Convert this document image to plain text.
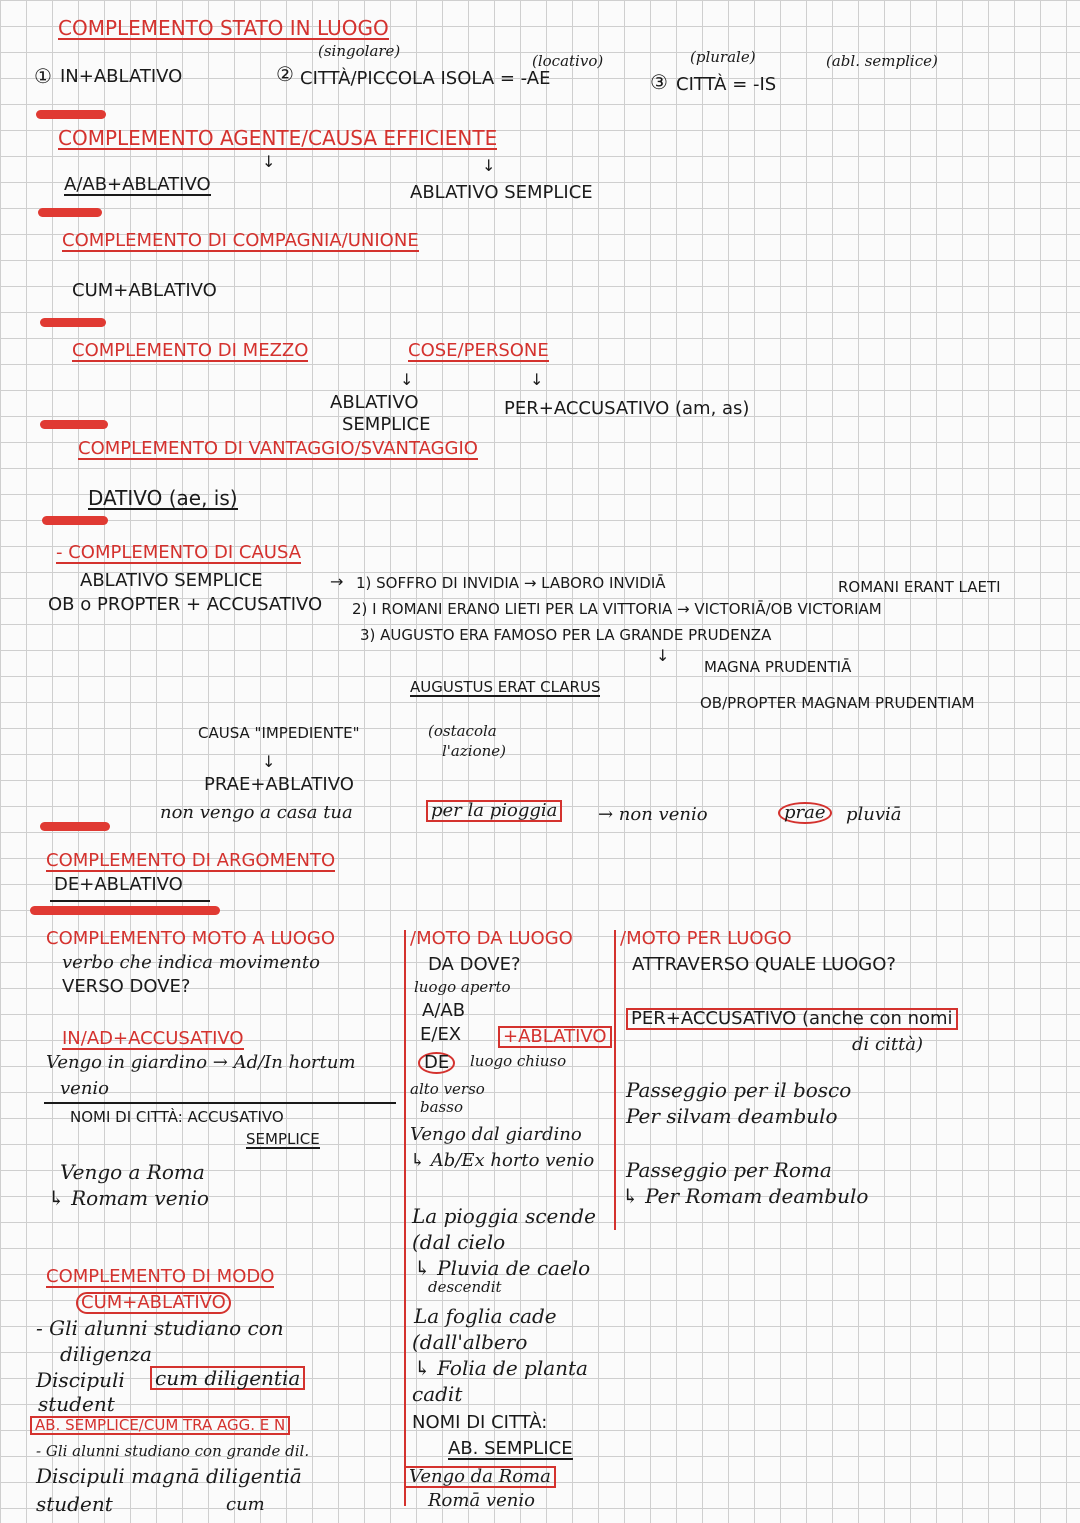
COMPLEMENTO STATO IN LUOGO
① IN+ABLATIVO	②
(singolare)
CITTÀ/PICCOLA ISOLA = -AE
(locativo)
③
(plurale)
CITTÀ = -IS
(abl. semplice)
COMPLEMENTO AGENTE/CAUSA EFFICIENTE
↓	↓
A/AB+ABLATIVO	ABLATIVO SEMPLICE
COMPLEMENTO DI COMPAGNIA/UNIONE
CUM+ABLATIVO
COMPLEMENTO DI MEZZO	COSE/PERSONE
↓	↓
ABLATIVO
SEMPLICE
PER+ACCUSATIVO (am, as)
COMPLEMENTO DI VANTAGGIO/SVANTAGGIO
DATIVO (ae, is)
- COMPLEMENTO DI CAUSA
ABLATIVO SEMPLICE	→
OB o PROPTER + ACCUSATIVO
1) SOFFRO DI INVIDIA → LABORO INVIDIĀ	ROMANI ERANT LAETI
2) I ROMANI ERANO LIETI PER LA VITTORIA → VICTORIĀ/OB VICTORIAM
3) AUGUSTO ERA FAMOSO PER LA GRANDE PRUDENZA
↓
MAGNA PRUDENTIĀ
AUGUSTUS ERAT CLARUS
OB/PROPTER MAGNAM PRUDENTIAM
CAUSA "IMPEDIENTE"	(ostacola
l'azione)
↓
PRAE+ABLATIVO
non vengo a casa tua	per la pioggia → non venio	prae	pluviā
COMPLEMENTO DI ARGOMENTO
DE+ABLATIVO
COMPLEMENTO MOTO A LUOGO
verbo che indica movimento
VERSO DOVE?
IN/AD+ACCUSATIVO
Vengo in giardino → Ad/In hortum
venio
NOMI DI CITTÀ: ACCUSATIVO
SEMPLICE
Vengo a Roma
↳ Romam venio
/MOTO DA LUOGO
DA DOVE?
luogo aperto
A/AB
E/EX +ABLATIVO
DE	luogo chiuso
alto verso
basso
Vengo dal giardino
↳ Ab/Ex horto venio
La pioggia scende
(dal cielo
↳ Pluvia de caelo
descendit
La foglia cade
(dall'albero
↳ Folia de planta
cadit
NOMI DI CITTÀ:
AB. SEMPLICE
Vengo da Roma
Romā venio
/MOTO PER LUOGO
ATTRAVERSO QUALE LUOGO?
PER+ACCUSATIVO (anche con nomi
di città)
Passeggio per il bosco
Per silvam deambulo
Passeggio per Roma
↳ Per Romam deambulo
COMPLEMENTO DI MODO
CUM+ABLATIVO
- Gli alunni studiano con
diligenza
Discipuli cum diligentia
student
AB. SEMPLICE/CUM TRA AGG. E N
- Gli alunni studiano con grande dil.
Discipuli magnā diligentiā
student	cum
